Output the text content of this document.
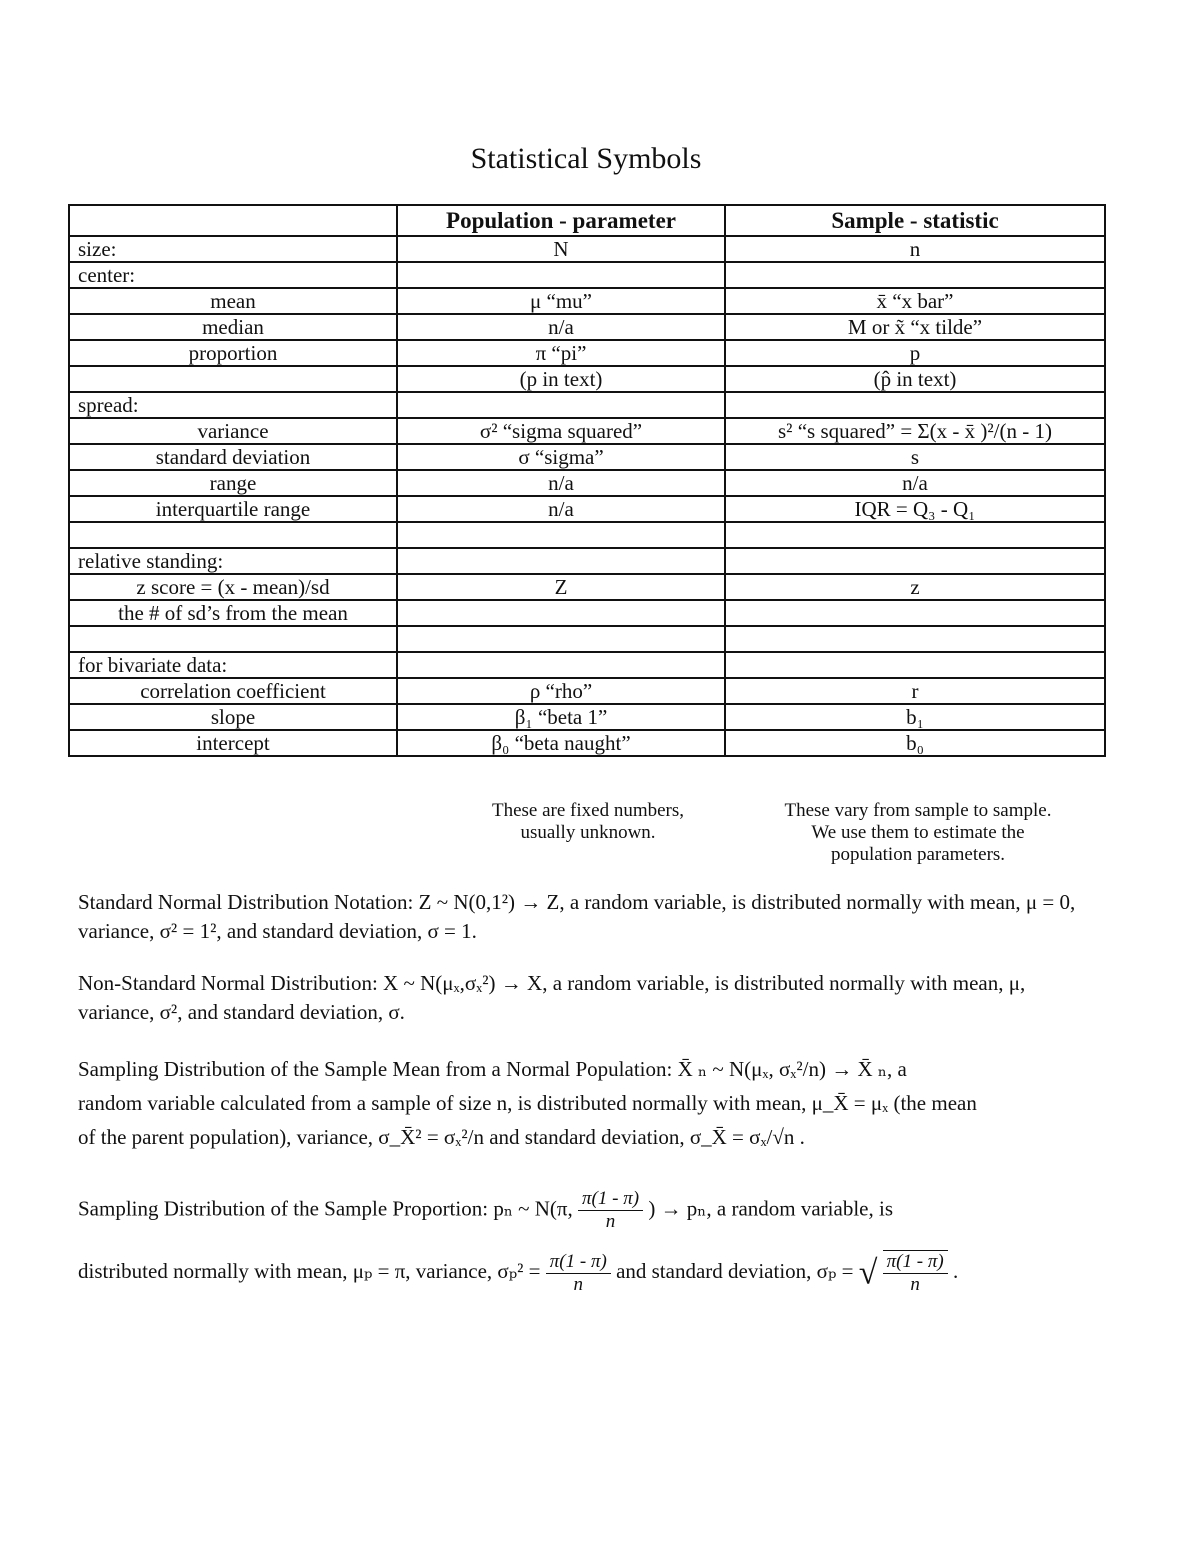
Statistical Symbols
	Population - parameter	Sample - statistic
size:	N	n
center:		
mean	μ “mu”	x̄ “x bar”
median	n/a	M or x̃ “x tilde”
proportion	π “pi”	p
	(p in text)	(p̂ in text)
spread:		
variance	σ² “sigma squared”	s² “s squared” = Σ(x - x̄ )²/(n - 1)
standard deviation	σ “sigma”	s
range	n/a	n/a
interquartile range	n/a	IQR = Q₃ - Q₁

relative standing:		
z score = (x - mean)/sd	Z	z
the # of sd’s from the mean		

for bivariate data:		
correlation coefficient	ρ “rho”	r
slope	β₁ “beta 1”	b₁
intercept	β₀ “beta naught”	b₀
These are fixed numbers,
usually unknown.
These vary from sample to sample.
We use them to estimate the
population parameters.
Standard Normal Distribution Notation: Z ~ N(0,1²) → Z, a random variable, is distributed normally with mean, μ = 0, variance, σ² = 1², and standard deviation, σ = 1.
Non-Standard Normal Distribution: X ~ N(μₓ,σₓ²) → X, a random variable, is distributed normally with mean, μ, variance, σ², and standard deviation, σ.
Sampling Distribution of the Sample Mean from a Normal Population: X̄ ₙ ~ N(μₓ, σₓ²/n) → X̄ ₙ, a
random variable calculated from a sample of size n, is distributed normally with mean, μ_X̄ = μₓ (the mean
of the parent population), variance, σ_X̄² = σₓ²/n and standard deviation, σ_X̄ = σₓ/√n .
Sampling Distribution of the Sample Proportion: pₙ ~ N(π, $\frac{\pi(1 - \pi)}{n}$ ) → pₙ, a random variable, is
distributed normally with mean, μₚ = π, variance, $\sigma_p^2 = \frac{\pi(1 - \pi)}{n}$ and standard deviation, σₚ = √ $\frac{\pi(1 - \pi)}{n}$ .
